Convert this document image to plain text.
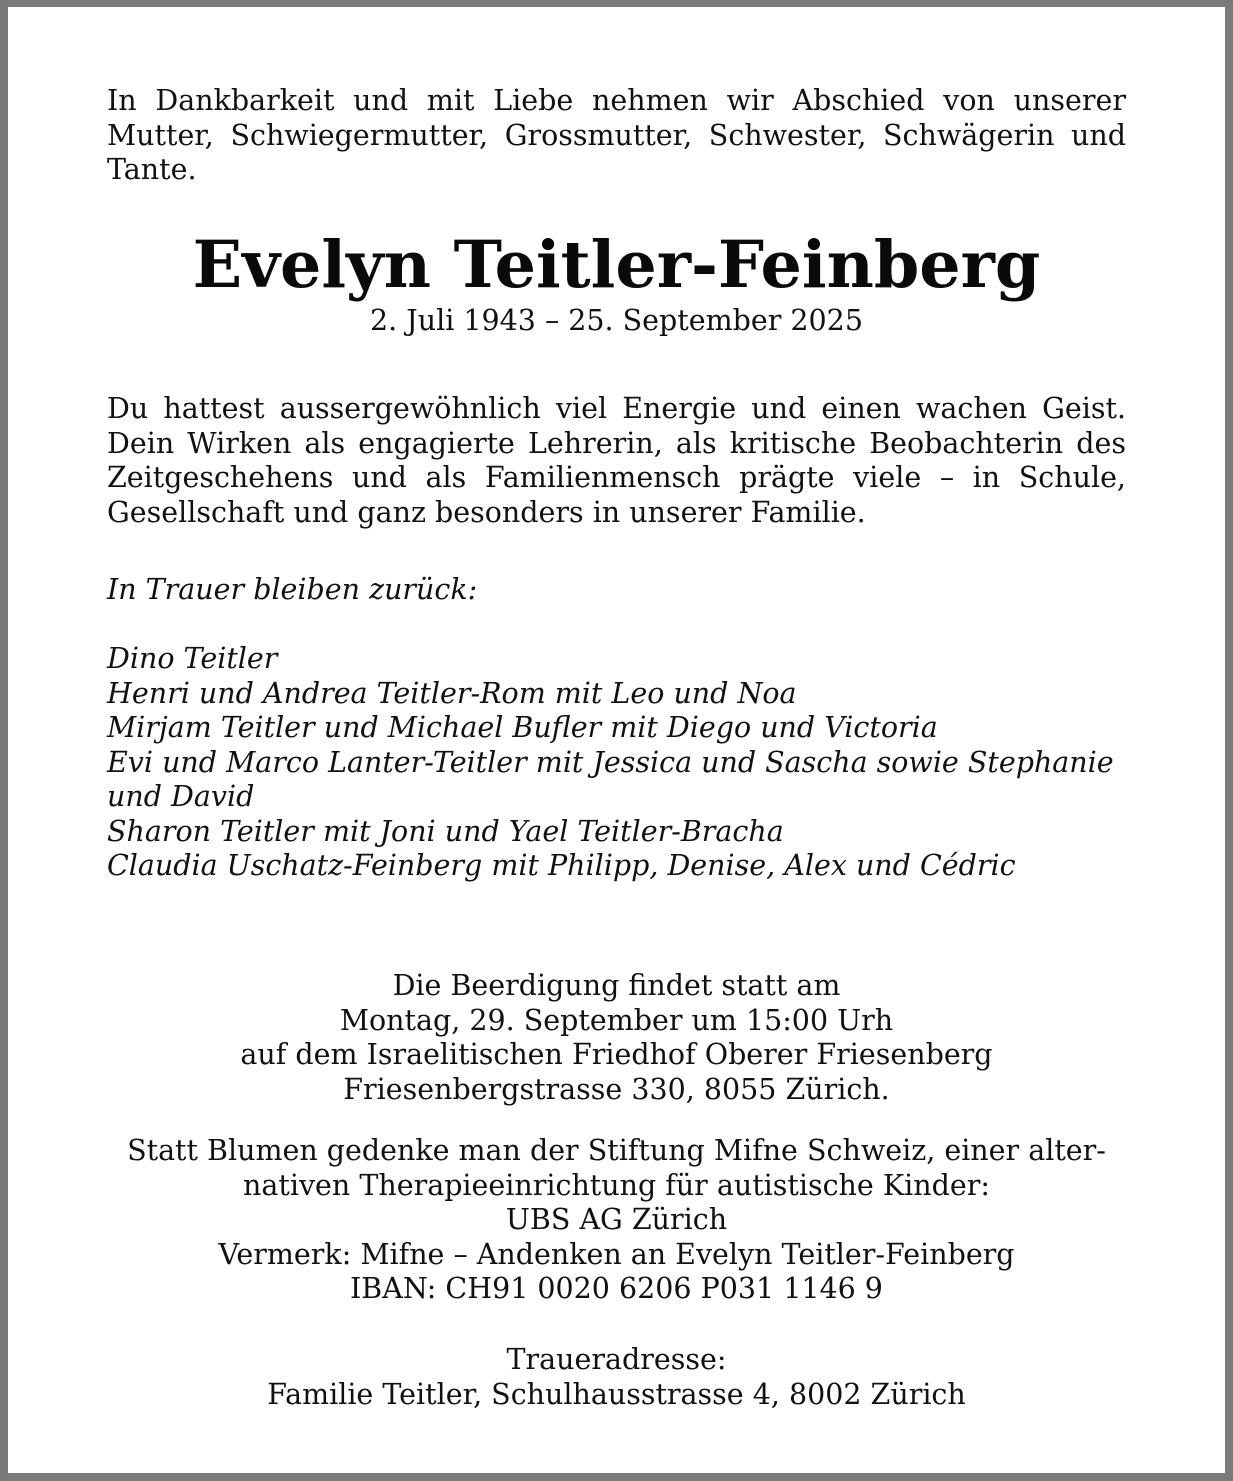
In Dankbarkeit und mit Liebe nehmen wir Abschied von unserer Mutter, Schwiegermutter, Grossmutter, Schwester, Schwägerin und Tante.
Evelyn Teitler-Feinberg
2. Juli 1943 – 25. September 2025
Du hattest aussergewöhnlich viel Energie und einen wachen Geist. Dein Wirken als engagierte Lehrerin, als kritische Beobachterin des Zeitgeschehens und als Familienmensch prägte viele – in Schule, Gesellschaft und ganz besonders in unserer Familie.
In Trauer bleiben zurück:
Dino Teitler
Henri und Andrea Teitler-Rom mit Leo und Noa
Mirjam Teitler und Michael Bufler mit Diego und Victoria
Evi und Marco Lanter-Teitler mit Jessica und Sascha sowie Stephanie und David
Sharon Teitler mit Joni und Yael Teitler-Bracha
Claudia Uschatz-Feinberg mit Philipp, Denise, Alex und Cédric
Die Beerdigung findet statt am
Montag, 29. September um 15:00 Urh
auf dem Israelitischen Friedhof Oberer Friesenberg
Friesenbergstrasse 330, 8055 Zürich.
Statt Blumen gedenke man der Stiftung Mifne Schweiz, einer alter-
nativen Therapieeinrichtung für autistische Kinder:
UBS AG Zürich
Vermerk: Mifne – Andenken an Evelyn Teitler-Feinberg
IBAN: CH91 0020 6206 P031 1146 9
Traueradresse:
Familie Teitler, Schulhausstrasse 4, 8002 Zürich
